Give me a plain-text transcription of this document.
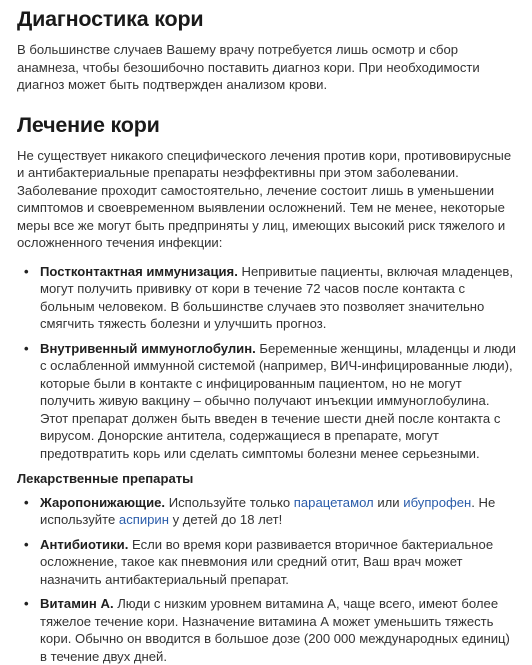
Диагностика кори

В большинстве случаев Вашему врачу потребуется лишь осмотр и сбор анамнеза, чтобы безошибочно поставить диагноз кори. При необходимости диагноз может быть подтвержден анализом крови.

Лечение кори

Не существует никакого специфического лечения против кори, противовирусные и антибактериальные препараты неэффективны при этом заболевании. Заболевание проходит самостоятельно, лечение состоит лишь в уменьшении симптомов и своевременном выявлении осложнений. Тем не менее, некоторые меры все же могут быть предприняты у лиц, имеющих высокий риск тяжелого и осложненного течения инфекции:

• Постконтактная иммунизация. Непривитые пациенты, включая младенцев, могут получить прививку от кори в течение 72 часов после контакта с больным человеком. В большинстве случаев это позволяет значительно смягчить тяжесть болезни и улучшить прогноз.
• Внутривенный иммуноглобулин. Беременные женщины, младенцы и люди с ослабленной иммунной системой (например, ВИЧ-инфицированные люди), которые были в контакте с инфицированным пациентом, но не могут получить живую вакцину – обычно получают инъекции иммуноглобулина. Этот препарат должен быть введен в течение шести дней после контакта с вирусом. Донорские антитела, содержащиеся в препарате, могут предотвратить корь или сделать симптомы болезни менее серьезными.
Лекарственные препараты
• Жаропонижающие. Используйте только парацетамол или ибупрофен. Не используйте аспирин у детей до 18 лет!
• Антибиотики. Если во время кори развивается вторичное бактериальное осложнение, такое как пневмония или средний отит, Ваш врач может назначить антибактериальный препарат.
• Витамин А. Люди с низким уровнем витамина А, чаще всего, имеют более тяжелое течение кори. Назначение витамина А может уменьшить тяжесть кори. Обычно он вводится в большое дозе (200 000 международных единиц) в течение двух дней.
